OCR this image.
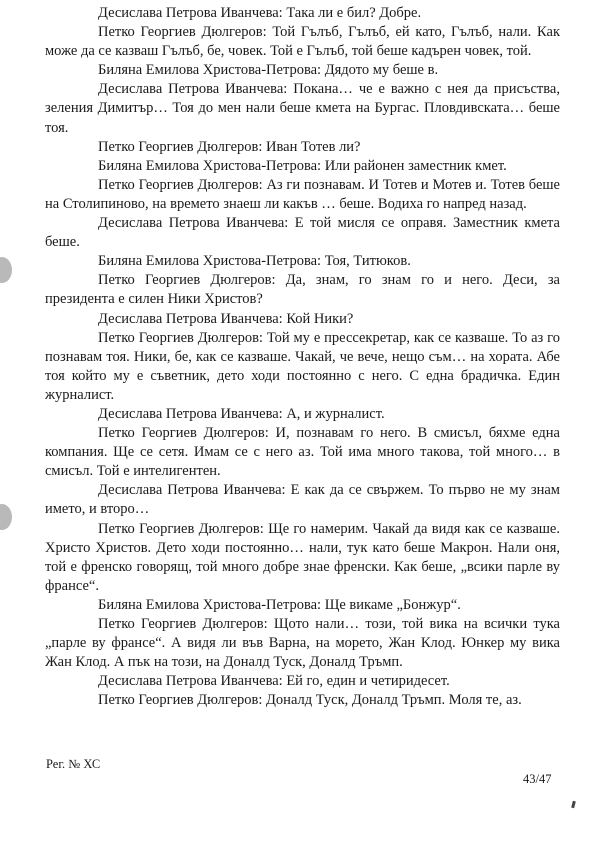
Десислава Петрова Иванчева: Така ли е бил? Добре.

Петко Георгиев Дюлгеров: Той Гълъб, Гълъб, ей като, Гълъб, нали. Как може да се казваш Гълъб, бе, човек. Той е Гълъб, той беше кадърен човек, той.

Биляна Емилова Христова-Петрова: Дядото му беше в.

Десислава Петрова Иванчева: Покана… че е важно с нея да присъства, зеления Димитър… Тоя до мен нали беше кмета на Бургас. Пловдивската… беше тоя.

Петко Георгиев Дюлгеров: Иван Тотев ли?

Биляна Емилова Христова-Петрова: Или районен заместник кмет.

Петко Георгиев Дюлгеров: Аз ги познавам. И Тотев и Мотев и. Тотев беше на Столипиново, на времето знаеш ли какъв … беше. Водиха го напред назад.

Десислава Петрова Иванчева: Е той мисля се оправя. Заместник кмета беше.

Биляна Емилова Христова-Петрова: Тоя, Титюков.

Петко Георгиев Дюлгеров: Да, знам, го знам го и него. Деси, за президента е силен Ники Христов?

Десислава Петрова Иванчева: Кой Ники?

Петко Георгиев Дюлгеров: Той му е прессекретар, как се казваше. То аз го познавам тоя. Ники, бе, как се казваше. Чакай, че вече, нещо съм… на хората. Абе тоя който му е съветник, дето ходи постоянно с него. С една брадичка. Един журналист.

Десислава Петрова Иванчева: А, и журналист.

Петко Георгиев Дюлгеров: И, познавам го него. В смисъл, бяхме една компания. Ще се сетя. Имам се с него аз. Той има много такова, той много… в смисъл. Той е интелигентен.

Десислава Петрова Иванчева: Е как да се свържем. То първо не му знам името, и второ…

Петко Георгиев Дюлгеров: Ще го намерим. Чакай да видя как се казваше. Христо Христов. Дето ходи постоянно… нали, тук като беше Макрон. Нали оня, той е френско говорящ, той много добре знае френски. Как беше, „всики парле ву франсе“.

Биляна Емилова Христова-Петрова: Ще викаме „Бонжур“.

Петко Георгиев Дюлгеров: Щото нали… този, той вика на всички тука „парле ву франсе“. А видя ли във Варна, на морето, Жан Клод. Юнкер му вика Жан Клод. А пък на този, на Доналд Туск, Доналд Тръмп.

Десислава Петрова Иванчева: Ей го, един и четиридесет.

Петко Георгиев Дюлгеров: Доналд Туск, Доналд Тръмп. Моля те, аз.

Рег. № ХС
43/47
